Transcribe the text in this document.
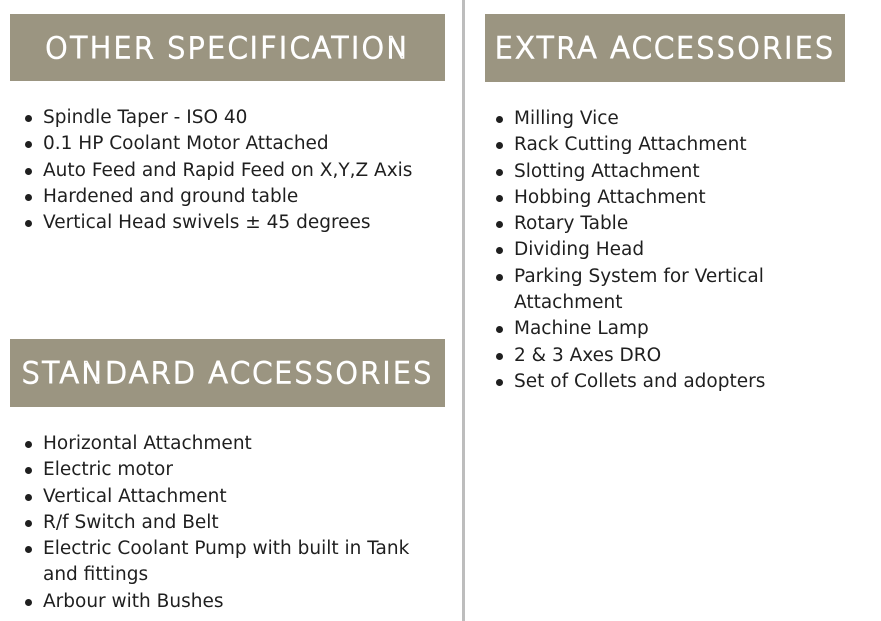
OTHER SPECIFICATION
Spindle Taper - ISO 40
0.1 HP Coolant Motor Attached
Auto Feed and Rapid Feed on X,Y,Z Axis
Hardened and ground table
Vertical Head swivels ± 45 degrees
STANDARD ACCESSORIES
Horizontal Attachment
Electric motor
Vertical Attachment
R/f Switch and Belt
Electric Coolant Pump with built in Tank and fittings
Arbour with Bushes
EXTRA ACCESSORIES
Milling Vice
Rack Cutting Attachment
Slotting Attachment
Hobbing Attachment
Rotary Table
Dividing Head
Parking System for Vertical Attachment
Machine Lamp
2 & 3 Axes DRO
Set of Collets and adopters
